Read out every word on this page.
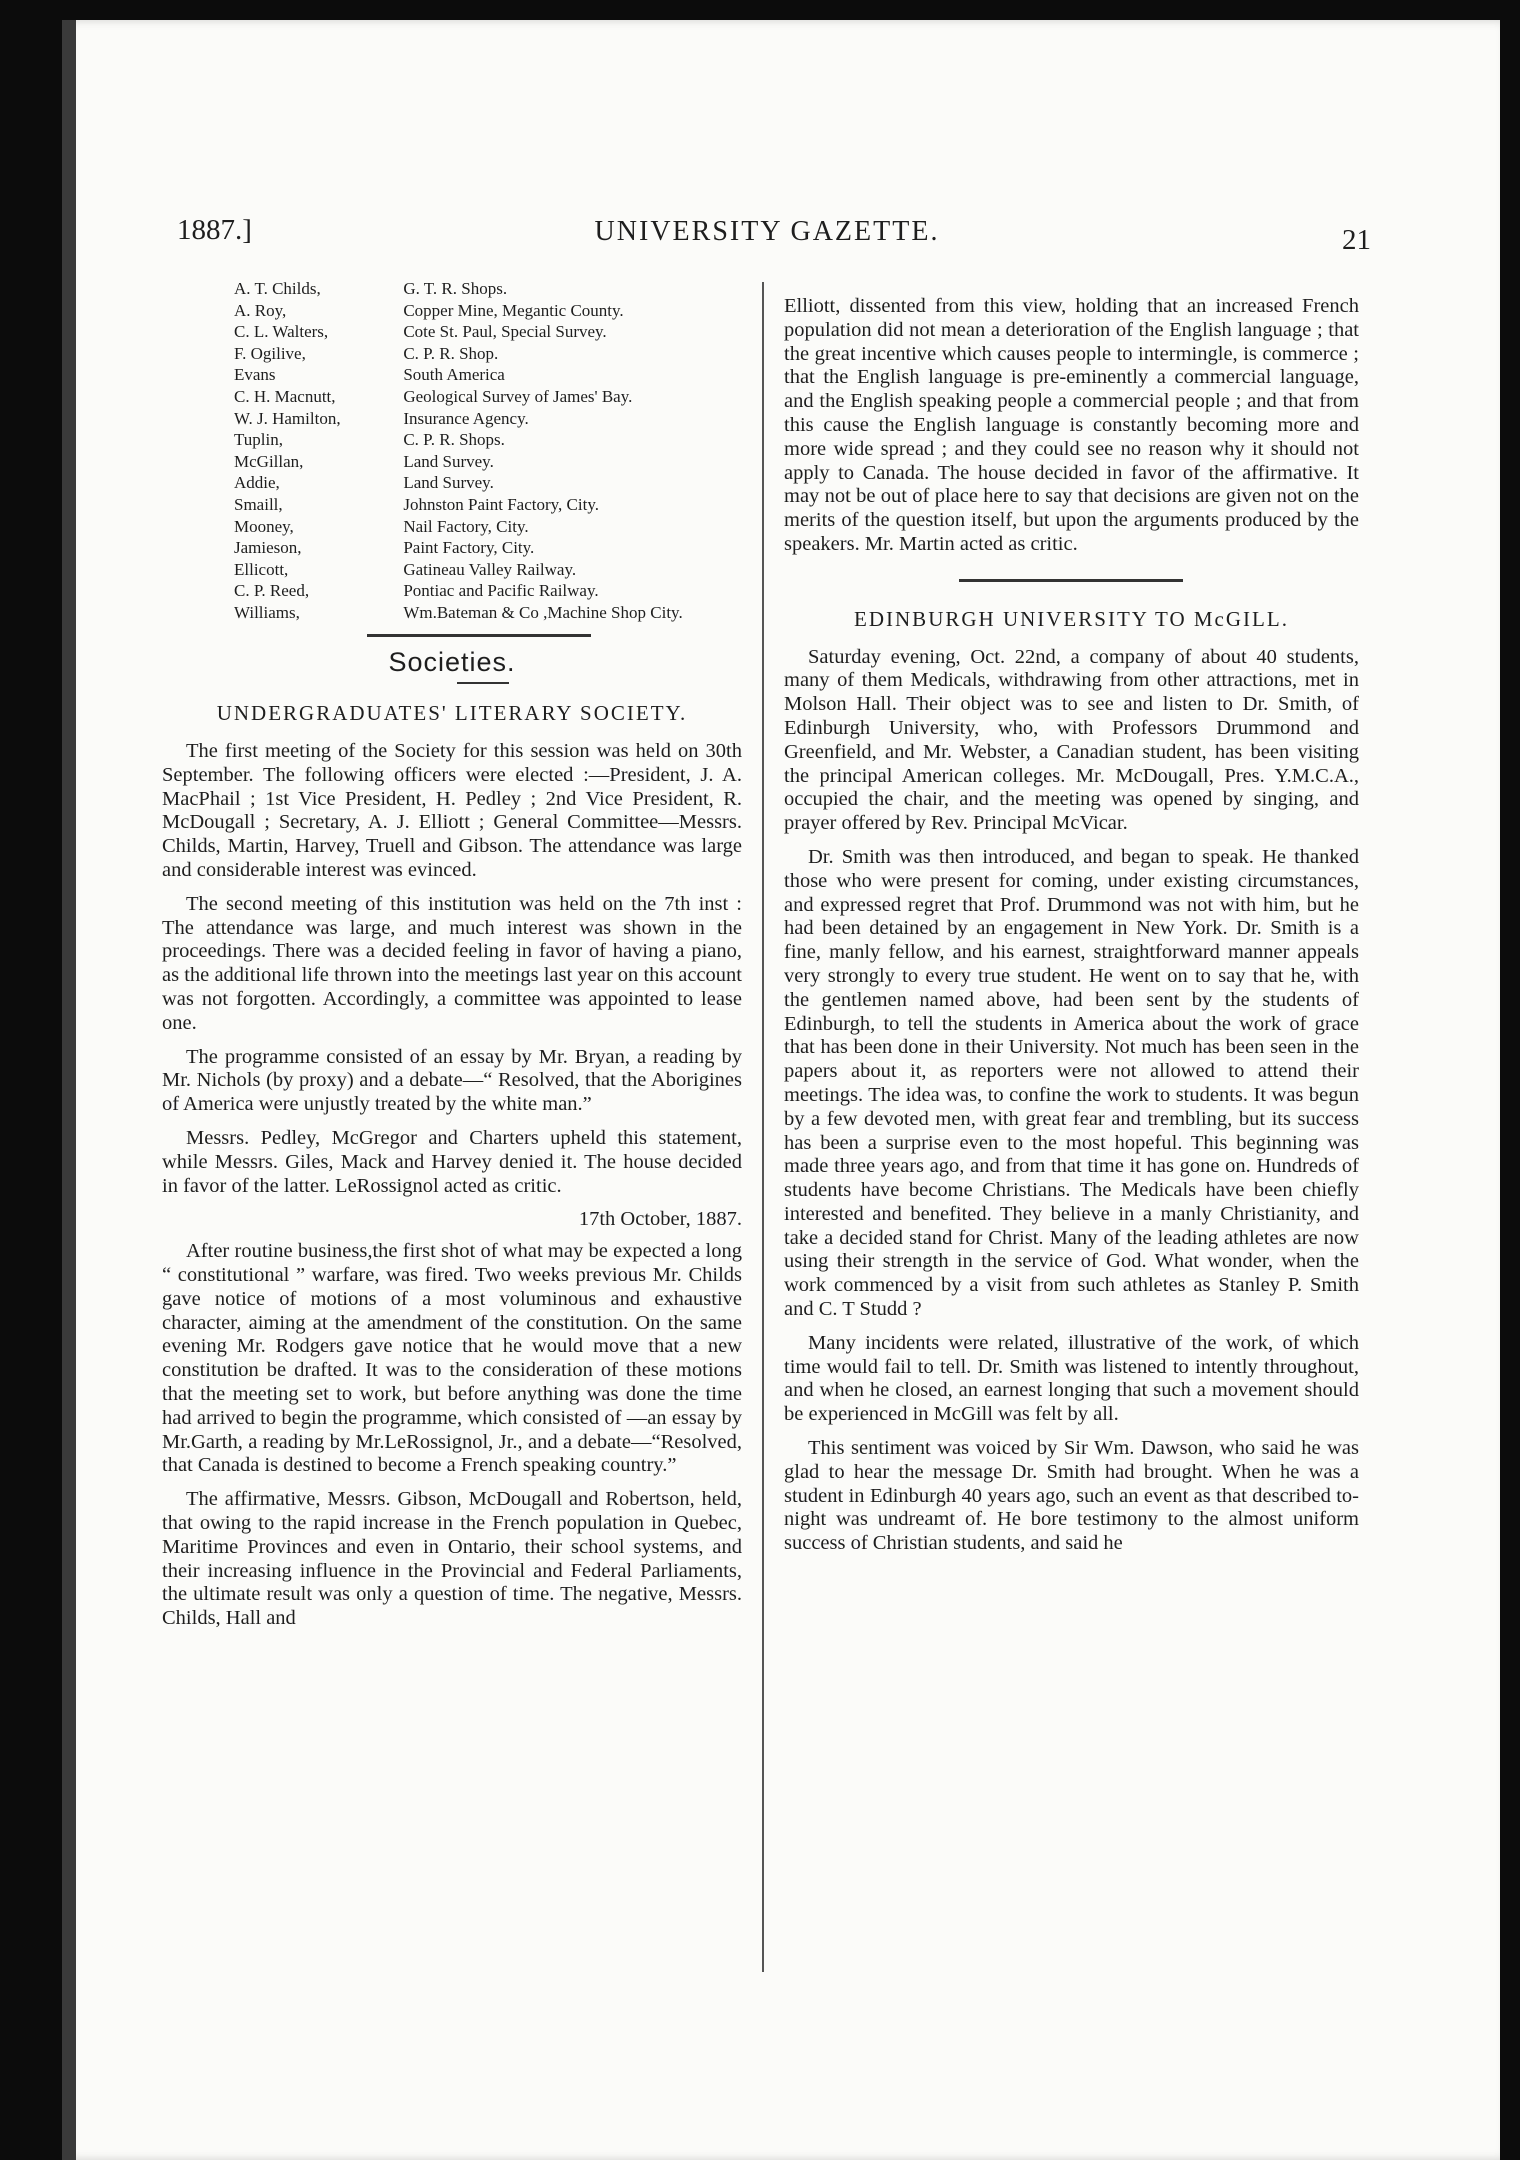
1887.]	UNIVERSITY GAZETTE.	21
A. T. Childs,
A. Roy,
C. L. Walters,
F. Ogilive,
Evans
C. H. Macnutt,
W. J. Hamilton,
Tuplin,
McGillan,
Addie,
Smaill,
Mooney,
Jamieson,
Ellicott,
C. P. Reed,
Williams,
G. T. R. Shops.
Copper Mine, Megantic County.
Cote St. Paul, Special Survey.
C. P. R. Shop.
South America
Geological Survey of James' Bay.
Insurance Agency.
C. P. R. Shops.
Land Survey.
Land Survey.
Johnston Paint Factory, City.
Nail Factory, City.
Paint Factory, City.
Gatineau Valley Railway.
Pontiac and Pacific Railway.
Wm.Bateman & Co ,Machine Shop City.
Societies.
UNDERGRADUATES' LITERARY SOCIETY.

The first meeting of the Society for this session was held on 30th September. The following officers were elected :—President, J. A. MacPhail ; 1st Vice President, H. Pedley ; 2nd Vice President, R. McDougall ; Secretary, A. J. Elliott ; General Committee—Messrs. Childs, Martin, Harvey, Truell and Gibson. The attendance was large and considerable interest was evinced.

The second meeting of this institution was held on the 7th inst : The attendance was large, and much interest was shown in the proceedings. There was a decided feeling in favor of having a piano, as the additional life thrown into the meetings last year on this account was not forgotten. Accordingly, a committee was appointed to lease one.

The programme consisted of an essay by Mr. Bryan, a reading by Mr. Nichols (by proxy) and a debate—“ Resolved, that the Aborigines of America were unjustly treated by the white man.”

Messrs. Pedley, McGregor and Charters upheld this statement, while Messrs. Giles, Mack and Harvey denied it. The house decided in favor of the latter. LeRossignol acted as critic.

17th October, 1887.

After routine business,the first shot of what may be expected a long “ constitutional ” warfare, was fired. Two weeks previous Mr. Childs gave notice of motions of a most voluminous and exhaustive character, aiming at the amendment of the constitution. On the same evening Mr. Rodgers gave notice that he would move that a new constitution be drafted. It was to the consideration of these motions that the meeting set to work, but before anything was done the time had arrived to begin the programme, which consisted of —an essay by Mr.Garth, a reading by Mr.LeRossignol, Jr., and a debate—“Resolved, that Canada is destined to become a French speaking country.”

The affirmative, Messrs. Gibson, McDougall and Robertson, held, that owing to the rapid increase in the French population in Quebec, Maritime Provinces and even in Ontario, their school systems, and their increasing influence in the Provincial and Federal Parliaments, the ultimate result was only a question of time. The negative, Messrs. Childs, Hall and

Elliott, dissented from this view, holding that an increased French population did not mean a deterioration of the English language ; that the great incentive which causes people to intermingle, is commerce ; that the English language is pre-eminently a commercial language, and the English speaking people a commercial people ; and that from this cause the English language is constantly becoming more and more wide spread ; and they could see no reason why it should not apply to Canada. The house decided in favor of the affirmative. It may not be out of place here to say that decisions are given not on the merits of the question itself, but upon the arguments produced by the speakers. Mr. Martin acted as critic.

EDINBURGH UNIVERSITY TO McGILL.

Saturday evening, Oct. 22nd, a company of about 40 students, many of them Medicals, withdrawing from other attractions, met in Molson Hall. Their object was to see and listen to Dr. Smith, of Edinburgh University, who, with Professors Drummond and Greenfield, and Mr. Webster, a Canadian student, has been visiting the principal American colleges. Mr. McDougall, Pres. Y.M.C.A., occupied the chair, and the meeting was opened by singing, and prayer offered by Rev. Principal McVicar.

Dr. Smith was then introduced, and began to speak. He thanked those who were present for coming, under existing circumstances, and expressed regret that Prof. Drummond was not with him, but he had been detained by an engagement in New York. Dr. Smith is a fine, manly fellow, and his earnest, straightforward manner appeals very strongly to every true student. He went on to say that he, with the gentlemen named above, had been sent by the students of Edinburgh, to tell the students in America about the work of grace that has been done in their University. Not much has been seen in the papers about it, as reporters were not allowed to attend their meetings. The idea was, to confine the work to students. It was begun by a few devoted men, with great fear and trembling, but its success has been a surprise even to the most hopeful. This beginning was made three years ago, and from that time it has gone on. Hundreds of students have become Christians. The Medicals have been chiefly interested and benefited. They believe in a manly Christianity, and take a decided stand for Christ. Many of the leading athletes are now using their strength in the service of God. What wonder, when the work commenced by a visit from such athletes as Stanley P. Smith and C. T Studd ?

Many incidents were related, illustrative of the work, of which time would fail to tell. Dr. Smith was listened to intently throughout, and when he closed, an earnest longing that such a movement should be experienced in McGill was felt by all.

This sentiment was voiced by Sir Wm. Dawson, who said he was glad to hear the message Dr. Smith had brought. When he was a student in Edinburgh 40 years ago, such an event as that described to-night was undreamt of. He bore testimony to the almost uniform success of Christian students, and said he
